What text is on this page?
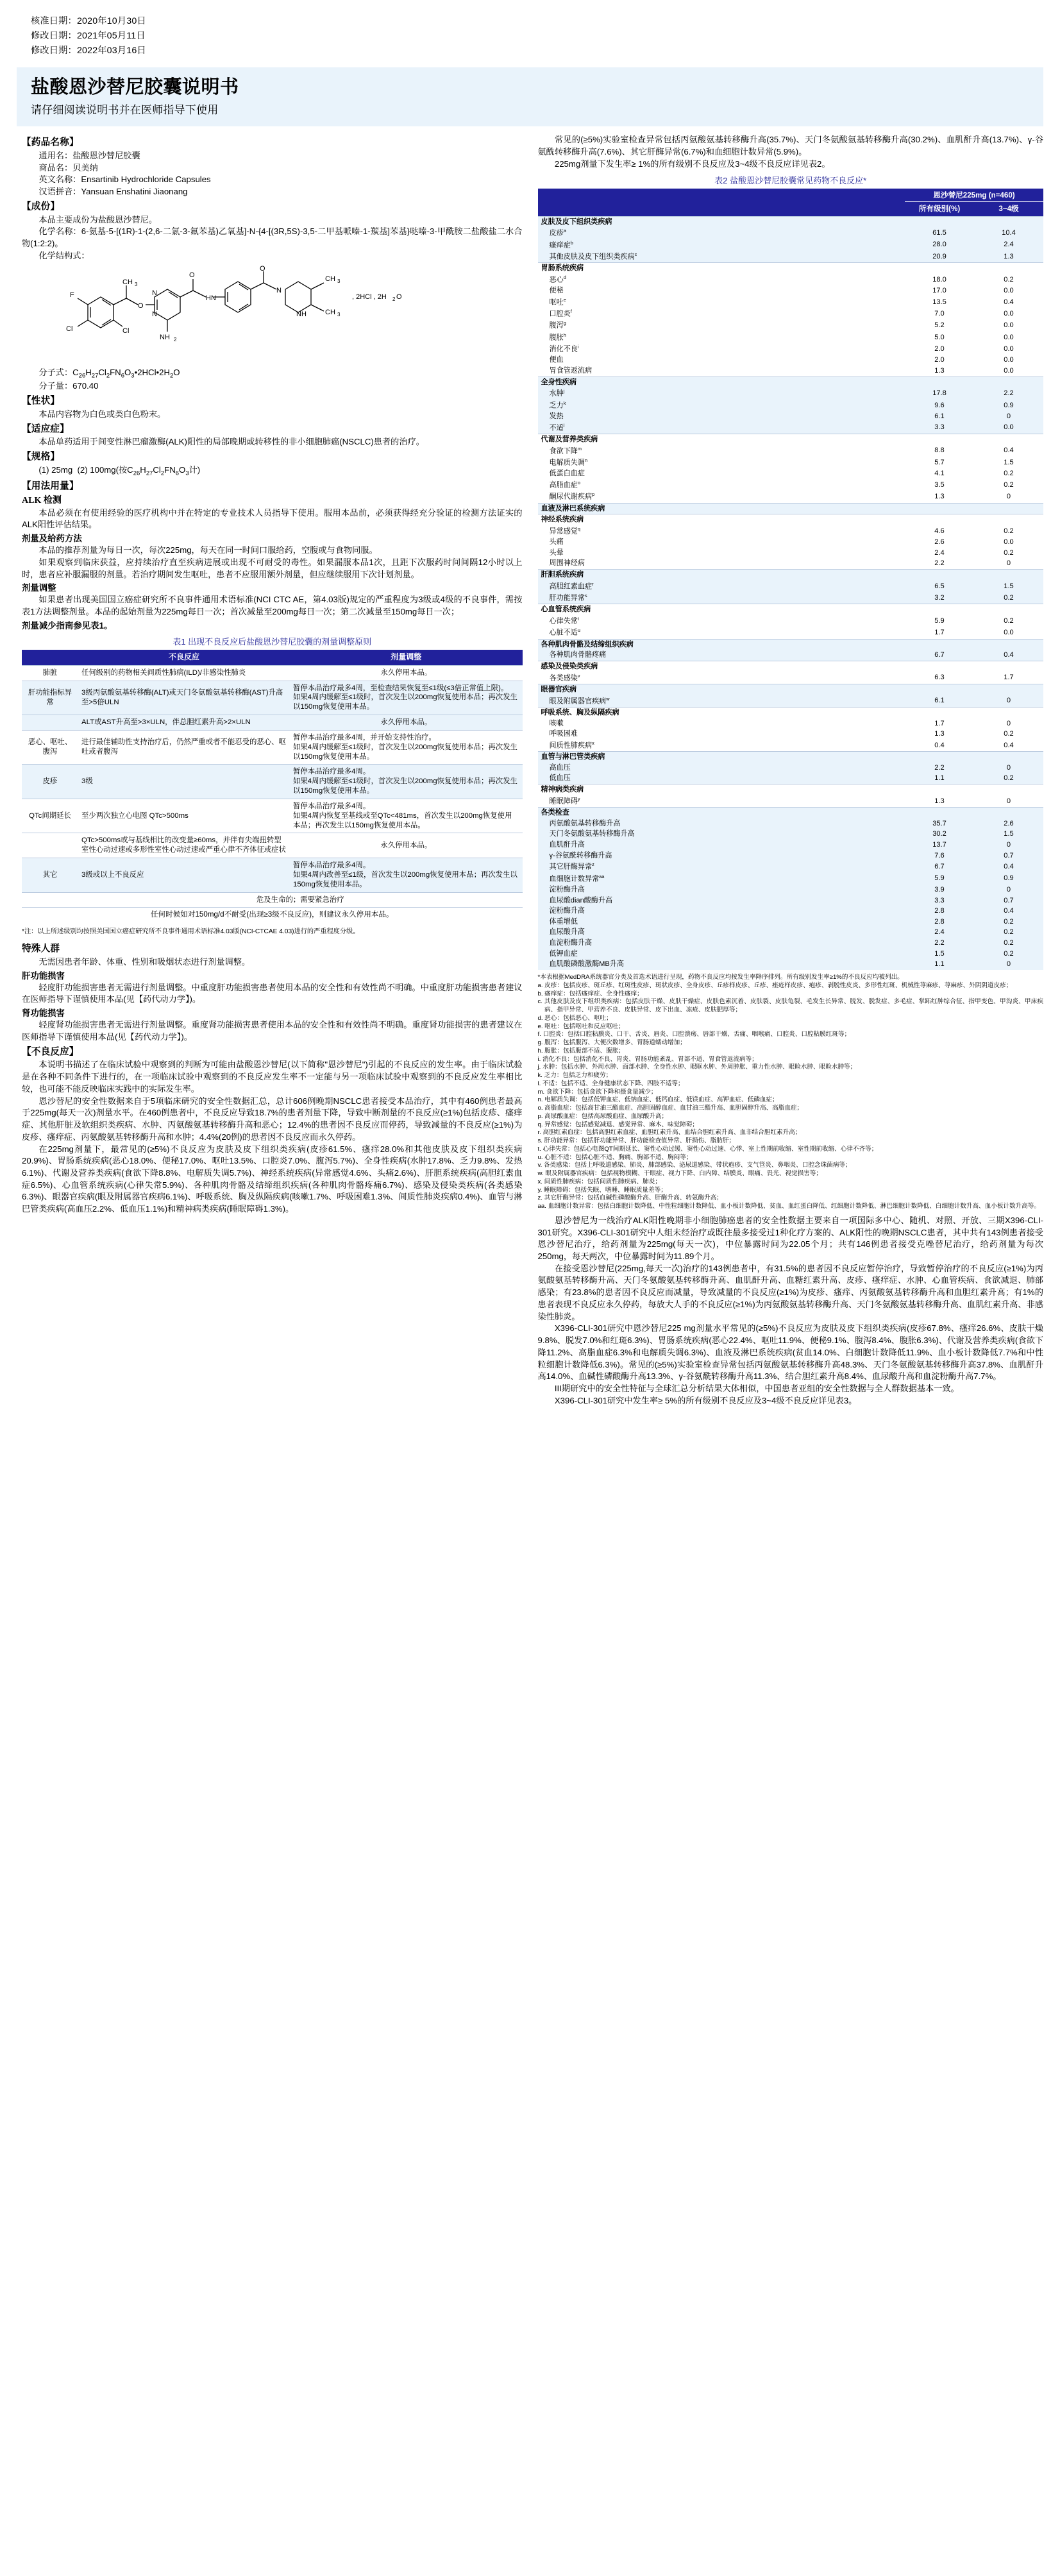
核准日期：2020年10月30日
修改日期：2021年05月11日
修改日期：2022年03月16日
盐酸恩沙替尼胶囊说明书
请仔细阅读说明书并在医师指导下使用
【药品名称】

通用名：盐酸恩沙替尼胶囊

商品名：贝美纳

英文名称：Ensartinib Hydrochloride Capsules

汉语拼音：Yansuan Enshatini Jiaonang

【成份】

本品主要成份为盐酸恩沙替尼。

化学名称：6-氨基-5-[(1R)-1-(2,6-二氯-3-氟苯基)乙氧基]-N-{4-[(3R,5S)-3,5-二甲基哌嗪-1-羰基]苯基}哒嗪-3-甲酰胺二盐酸盐二水合物(1:2:2)。

化学结构式：

F
Cl	Cl
O
CH 3
N
N
NH 2
O
HN
O
N
NH
CH 3
CH 3
, 2HCl , 2H 2 O

分子式：$C_{26}H_{27}Cl_2FN_6O_3•2HCl•2H_2O$

分子量：670.40

【性状】

本品内容物为白色或类白色粉末。

【适应症】

本品单药适用于间变性淋巴瘤激酶(ALK)阳性的局部晚期或转移性的非小细胞肺癌(NSCLC)患者的治疗。

【规格】

(1) 25mg  (2) 100mg(按$C_{26}H_{27}Cl_2FN_6O_3$计)

【用法用量】
ALK 检测

本品必须在有使用经验的医疗机构中并在特定的专业技术人员指导下使用。服用本品前，必须获得经充分验证的检测方法证实的ALK阳性评估结果。

剂量及给药方法

本品的推荐剂量为每日一次，每次225mg，每天在同一时间口服给药，空腹或与食物同服。

如果观察到临床获益，应持续治疗直至疾病进展或出现不可耐受的毒性。如果漏服本品1次，且距下次服药时间间隔12小时以上时，患者应补服漏服的剂量。若治疗期间发生呕吐，患者不应服用额外剂量，但应继续服用下次计划剂量。

剂量调整

如果患者出现美国国立癌症研究所不良事件通用术语标准(NCI CTC AE，第4.03版)规定的严重程度为3级或4级的不良事件，需按表1方法调整剂量。本品的起始剂量为225mg每日一次；首次减量至200mg每日一次；第二次减量至150mg每日一次；

剂量减少指南参见表1。
表1 出现不良反应后盐酸恩沙替尼胶囊的剂量调整原则
	不良反应	剂量调整
肺脏	任何级别的药物相关间质性肺病(ILD)/非感染性肺炎	永久停用本品。
肝功能指标异常	3级丙氨酸氨基转移酶(ALT)或天门冬氨酸氨基转移酶(AST)升高至>5倍ULN	暂停本品治疗最多4周，至检查结果恢复至≤1级(≤3倍正常值上限)。
如果4周内缓解至≤1级时，首次发生以200mg恢复使用本品；再次发生以150mg恢复使用本品。
	ALT或AST升高至>3×ULN，伴总胆红素升高>2×ULN	永久停用本品。
恶心、呕吐、腹泻	进行最佳辅助性支持治疗后，仍然严重或者不能忍受的恶心、呕吐或者腹泻	暂停本品治疗最多4周，并开始支持性治疗。
如果4周内缓解至≤1级时，首次发生以200mg恢复使用本品；再次发生以150mg恢复使用本品。
皮疹	3级	暂停本品治疗最多4周。
如果4周内缓解至≤1级时，首次发生以200mg恢复使用本品；再次发生以150mg恢复使用本品。
QTc间期延长	至少两次独立心电图 QTc>500ms	暂停本品治疗最多4周。
如果4周内恢复至基线或至QTc<481ms，首次发生以200mg恢复使用本品；再次发生以150mg恢复使用本品。
	QTc>500ms或与基线相比的改变量≥60ms，并伴有尖端扭转型室性心动过速或多形性室性心动过速或严重心律不齐体征或症状	永久停用本品。
其它	3级或以上不良反应	暂停本品治疗最多4周。
如果4周内改善至≤1级，首次发生以200mg恢复使用本品；再次发生以150mg恢复使用本品。
	危及生命的；需要紧急治疗	

任何时候如对150mg/d不耐受(出现≥3级不良反应)，则建议永久停用本品。

*注：以上所述级别均按照美国国立癌症研究所不良事件通用术语标准4.03版(NCI-CTCAE 4.03)进行的严重程度分级。

特殊人群

无需因患者年龄、体重、性别和吸烟状态进行剂量调整。

肝功能损害

轻度肝功能损害患者无需进行剂量调整。中重度肝功能损害患者使用本品的安全性和有效性尚不明确。中重度肝功能损害患者建议在医师指导下谨慎使用本品(见【药代动力学】)。

肾功能损害

轻度肾功能损害患者无需进行剂量调整。重度肾功能损害患者使用本品的安全性和有效性尚不明确。重度肾功能损害的患者建议在医师指导下谨慎使用本品(见【药代动力学】)。

【不良反应】

本说明书描述了在临床试验中观察到的判断为可能由盐酸恩沙替尼(以下简称"恩沙替尼")引起的不良反应的发生率。由于临床试验是在各种不同条件下进行的，在一项临床试验中观察到的不良反应发生率不一定能与另一项临床试验中观察到的不良反应发生率相比较，也可能不能反映临床实践中的实际发生率。

恩沙替尼的安全性数据来自于5项临床研究的安全性数据汇总，总计606例晚期NSCLC患者接受本品治疗，其中有460例患者最高于225mg(每天一次)剂量水平。在460例患者中，不良反应导致18.7%的患者剂量下降，导致中断剂量的不良反应(≥1%)包括皮疹、瘙痒症、其他肝脏及软组织类疾病、水肿、丙氨酸氨基转移酶升高和恶心；12.4%的患者因不良反应而停药，导致减量的不良反应(≥1%)为皮疹、瘙痒症、丙氨酸氨基转移酶升高和水肿；4.4%(20例)的患者因不良反应而永久停药。

在225mg剂量下，最常见的(≥5%)不良反应为皮肤及皮下组织类疾病(皮疹61.5%、瘙痒28.0%和其他皮肤及皮下组织类疾病20.9%)、胃肠系统疾病(恶心18.0%、便秘17.0%、呕吐13.5%、口腔炎7.0%、腹泻5.7%)、全身性疾病(水肿17.8%、乏力9.8%、发热6.1%)、代谢及营养类疾病(食欲下降8.8%、电解质失调5.7%)、神经系统疾病(异常感觉4.6%、头痛2.6%)、肝胆系统疾病(高胆红素血症6.5%)、心血管系统疾病(心律失常5.9%)、各种肌肉骨骼及结缔组织疾病(各种肌肉骨骼疼痛6.7%)、感染及侵染类疾病(各类感染6.3%)、眼器官疾病(眼及附属器官疾病6.1%)、呼吸系统、胸及纵隔疾病(咳嗽1.7%、呼吸困难1.3%、间质性肺炎疾病0.4%)、血管与淋巴管类疾病(高血压2.2%、低血压1.1%)和精神病类疾病(睡眠障碍1.3%)。

常见的(≥5%)实验室检查异常包括丙氨酸氨基转移酶升高(35.7%)、天门冬氨酸氨基转移酶升高(30.2%)、血肌酐升高(13.7%)、γ-谷氨酰转移酶升高(7.6%)、其它肝酶异常(6.7%)和血细胞计数异常(5.9%)。

225mg剂量下发生率≥ 1%的所有级别不良反应及3~4级不良反应详见表2。

表2 盐酸恩沙替尼胶囊常见药物不良反应*
	恩沙替尼225mg (n=460)	
	所有级别(%)	3~4级
皮肤及皮下组织类疾病		
皮疹$^a$	61.5	10.4
瘙痒症$^b$	28.0	2.4
其他皮肤及皮下组织类疾病$^c$	20.9	1.3
胃肠系统疾病		
恶心$^d$	18.0	0.2
便秘	17.0	0.0
呕吐$^e$	13.5	0.4
口腔炎$^f$	7.0	0.0
腹泻$^g$	5.2	0.0
腹胀$^h$	5.0	0.0
消化不良$^i$	2.0	0.0
便血	2.0	0.0
胃食管返流病	1.3	0.0
全身性疾病		
水肿$^j$	17.8	2.2
乏力$^k$	9.6	0.9
发热	6.1	0
不适$^l$	3.3	0.0
代谢及营养类疾病		
食欲下降$^m$	8.8	0.4
电解质失调$^n$	5.7	1.5
低蛋白血症	4.1	0.2
高脂血症$^o$	3.5	0.2
酮尿代谢疾病$^p$	1.3	0
血液及淋巴系统疾病		
神经系统疾病		
异常感觉$^q$	4.6	0.2
头痛	2.6	0.0
头晕	2.4	0.2
周围神经病	2.2	0
肝胆系统疾病		
高胆红素血症$^r$	6.5	1.5
肝功能异常$^s$	3.2	0.2
心血管系统疾病		
心律失常$^t$	5.9	0.2
心脏不适$^u$	1.7	0.0
各种肌肉骨骼及结缔组织疾病		
各种肌肉骨骼疼痛	6.7	0.4
感染及侵染类疾病		
各类感染$^v$	6.3	1.7
眼器官疾病		
眼及附属器官疾病$^w$	6.1	0
呼吸系统、胸及纵隔疾病		
咳嗽	1.7	0
呼吸困难	1.3	0.2
间质性肺疾病$^x$	0.4	0.4
血管与淋巴管类疾病		
高血压	2.2	0
低血压	1.1	0.2
精神病类疾病		
睡眠障碍$^y$	1.3	0
各类检查		
丙氨酸氨基转移酶升高	35.7	2.6
天门冬氨酸氨基转移酶升高	30.2	1.5
血肌酐升高	13.7	0
γ-谷氨酰转移酶升高	7.6	0.7
其它肝酶异常$^z$	6.7	0.4
血细胞计数异常$^{aa}$	5.9	0.9
淀粉酶升高	3.9	0
血尿酸dian酸酶升高	3.3	0.7
淀粉酶升高	2.8	0.4
体重增低	2.8	0.2
血尿酸升高	2.4	0.2
血淀粉酶升高	2.2	0.2
低钾血症	1.5	0.2
血肌酸磷酸激酶MB升高	1.1	0

*本表根据MedDRA系统器官分类及首选术语进行呈现，药物不良反应均按发生率降序排列。所有级别发生率≥1%的不良反应均被列出。

a. 皮疹：包括皮疹、斑丘疹、红斑性皮疹、斑状皮疹、全身皮疹、丘疹样皮疹、丘疹、痤疮样皮疹、疱疹、剥脱性皮炎、多形性红斑、机械性荨麻疹、荨麻疹、外阴阴道皮疹；

b. 瘙痒症：包括瘙痒症、全身性瘙痒；

c. 其他皮肤及皮下组织类疾病：包括皮肤干燥、皮肤干燥症、皮肤色素沉着、皮肤裂、皮肤龟裂、毛发生长异常、脱发、脱发症、多毛症、掌跖红肿综合征、指甲变色、甲沟炎、甲床疾病、指甲异常、甲营养不良、皮肤异常、皮下出血、冻疮、皮肤肥厚等；

d. 恶心：包括恶心、呕吐；

e. 呕吐：包括呕吐和反应呕吐；

f. 口腔炎：包括口腔粘膜炎、口干、舌炎、唇炎、口腔溃疡、唇部干燥、舌痛、咽喉痛、口腔炎、口腔粘膜红斑等；

g. 腹泻：包括腹泻、大便次数增多、胃肠道蠕动增加；

h. 腹胀：包括腹部不适、腹胀；

i. 消化不良：包括消化不良、胃炎、胃肠功能紊乱、胃部不适、胃食管返流病等；

j. 水肿：包括水肿、外周水肿、面部水肿、全身性水肿、眼眶水肿、外周肿胀、重力性水肿、眼睑水肿、眼睑水肿等；

k. 乏力：包括乏力和疲劳；

l. 不适：包括不适、全身健康状态下降、四肢不适等；

m. 食欲下降：包括食欲下降和摄食量减少；

n. 电解质失调：包括低钾血症、低钠血症、低钙血症、低镁血症、高钾血症、低磷血症；

o. 高脂血症：包括高甘油三酯血症、高胆固醇血症、血甘油三酯升高、血胆固醇升高、高脂血症；

p. 高尿酸血症：包括高尿酸血症、血尿酸升高；

q. 异常感觉：包括感觉减退、感觉异常、麻木、味觉障碍；

r. 高胆红素血症：包括高胆红素血症、血胆红素升高、血结合胆红素升高、血非结合胆红素升高；

s. 肝功能异常：包括肝功能异常、肝功能检查值异常、肝损伤、脂肪肝；

t. 心律失常：包括心电图QT间期延长、窦性心动过缓、窦性心动过速、心悸、室上性期前收缩、室性期前收缩、心律不齐等；

u. 心脏不适：包括心脏不适、胸痛、胸部不适、胸闷等；

v. 各类感染：包括上呼吸道感染、肺炎、肺部感染、泌尿道感染、带状疱疹、支气管炎、鼻咽炎、口腔念珠菌病等；

w. 眼及附属器官疾病：包括视物模糊、干眼症、视力下降、白内障、结膜炎、眼痛、畏光、视觉损害等；

x. 间质性肺疾病：包括间质性肺疾病、肺炎；

y. 睡眠障碍：包括失眠、嗜睡、睡眠质量差等；

z. 其它肝酶异常：包括血碱性磷酸酶升高、肝酶升高、转氨酶升高；

aa. 血细胞计数异常：包括白细胞计数降低、中性粒细胞计数降低、血小板计数降低、贫血、血红蛋白降低、红细胞计数降低、淋巴细胞计数降低、白细胞计数升高、血小板计数升高等。

恩沙替尼为一线治疗ALK阳性晚期非小细胞肺癌患者的安全性数据主要来自一项国际多中心、随机、对照、开放、三期X396-CLI-301研究。X396-CLI-301研究中人组未经治疗或既往最多接受过1种化疗方案的、ALK阳性的晚期NSCLC患者，其中共有143例患者接受恩沙替尼治疗，给药剂量为225mg(每天一次)，中位暴露时间为22.05个月；共有146例患者接受克唑替尼治疗，给药剂量为每次250mg，每天两次，中位暴露时间为11.89个月。

在接受恩沙替尼(225mg,每天一次)治疗的143例患者中，有31.5%的患者因不良反应暂停治疗，导致暂停治疗的不良反应(≥1%)为丙氨酸氨基转移酶升高、天门冬氨酸氨基转移酶升高、血肌酐升高、血糖红素升高、皮疹、瘙痒症、水肿、心血管疾病、食欲减退、肺部感染；有23.8%的患者因不良反应而减量，导致减量的不良反应(≥1%)为皮疹、瘙痒、丙氨酸氨基转移酶升高和血胆红素升高；有1%的患者表现不良反应永久停药，每放大人手的不良反应(≥1%)为丙氨酸氨基转移酶升高、天门冬氨酸氨基转移酶升高、血肌红素升高、非感染性肺炎。

X396-CLI-301研究中恩沙替尼225 mg剂量水平常见的(≥5%)不良反应为皮肤及皮下组织类疾病(皮疹67.8%、瘙痒26.6%、皮肤干燥9.8%、脱发7.0%和红斑6.3%)、胃肠系统疾病(恶心22.4%、呕吐11.9%、便秘9.1%、腹泻8.4%、腹胀6.3%)、代谢及营养类疾病(食欲下降11.2%、高脂血症6.3%和电解质失调6.3%)、血液及淋巴系统疾病(贫血14.0%、白细胞计数降低11.9%、血小板计数降低7.7%和中性粒细胞计数降低6.3%)。常见的(≥5%)实验室检查异常包括丙氨酸氨基转移酶升高48.3%、天门冬氨酸氨基转移酶升高37.8%、血肌酐升高14.0%、血碱性磷酸酶升高13.3%、γ-谷氨酰转移酶升高11.3%、结合胆红素升高8.4%、血尿酸升高和血淀粉酶升高7.7%。

III期研究中的安全性特征与全球汇总分析结果大体相似，中国患者亚组的安全性数据与全人群数据基本一致。

X396-CLI-301研究中发生率≥ 5%的所有级别不良反应及3~4级不良反应详见表3。
